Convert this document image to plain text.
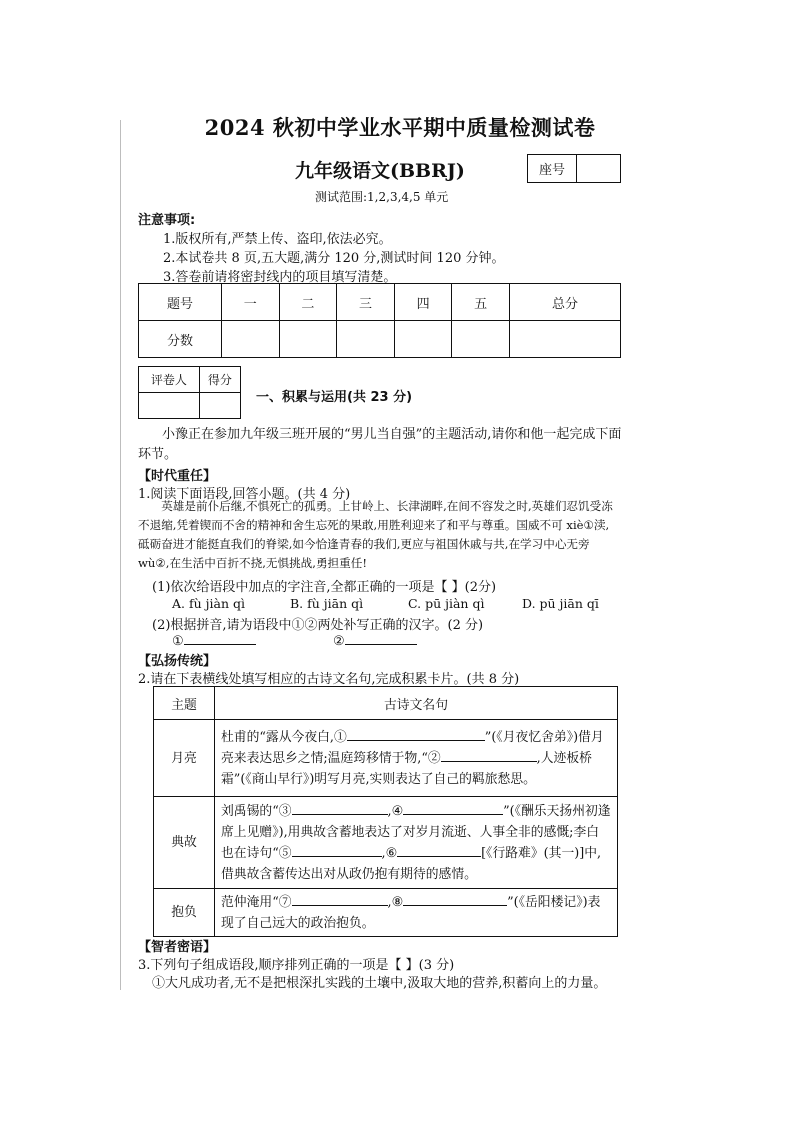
2024 秋初中学业水平期中质量检测试卷
九年级语文(BBRJ)	座号
测试范围:1,2,3,4,5 单元
注意事项:
1.版权所有,严禁上传、盗印,依法必究。
2.本试卷共 8 页,五大题,满分 120 分,测试时间 120 分钟。
3.答卷前请将密封线内的项目填写清楚。
题号	一	二	三	四	五	总分
分数						
评卷人	得分

一、积累与运用(共 23 分)
小豫正在参加九年级三班开展的“男儿当自强”的主题活动,请你和他一起完成下面环节。
【时代重任】
1.阅读下面语段,回答小题。(共 4 分)

英雄是前仆后继,不惧死亡的孤勇。上甘岭上、长津湖畔,在间不容发之时,英雄们忍饥受冻不退缩,凭着锲而不舍的精神和舍生忘死的果敢,用胜利迎来了和平与尊重。国威不可 xiè①渎,砥砺奋进才能挺直我们的脊梁,如今恰逢青春的我们,更应与祖国休戚与共,在学习中心无旁 wù②,在生活中百折不挠,无惧挑战,勇担重任!

(1)依次给语段中加点的字注音,全都正确的一项是【 】(2分)
A. fù jiàn qì	B. fù jiān qì	C. pū jiàn qì	D. pū jiān qī
(2)根据拼音,请为语段中①②两处补写正确的汉字。(2 分)
①	②
【弘扬传统】
2.请在下表横线处填写相应的古诗文名句,完成积累卡片。(共 8 分)
主题	古诗文名句
月亮	杜甫的“露从今夜白,① ”(《月夜忆舍弟》)借月亮来表达思乡之情;温庭筠移情于物,“② ,人迹板桥霜”(《商山早行》)明写月亮,实则表达了自己的羁旅愁思。
典故	刘禹锡的“③ ,④ ”(《酬乐天扬州初逢席上见赠》),用典故含蓄地表达了对岁月流逝、人事全非的感慨;李白也在诗句“⑤ ,⑥ [《行路难》(其一)]中,借典故含蓄传达出对从政仍抱有期待的感情。
抱负	范仲淹用“⑦ ,⑧ ”(《岳阳楼记》)表现了自己远大的政治抱负。
【智者密语】
3.下列句子组成语段,顺序排列正确的一项是【 】(3 分)
①大凡成功者,无不是把根深扎实践的土壤中,汲取大地的营养,积蓄向上的力量。
